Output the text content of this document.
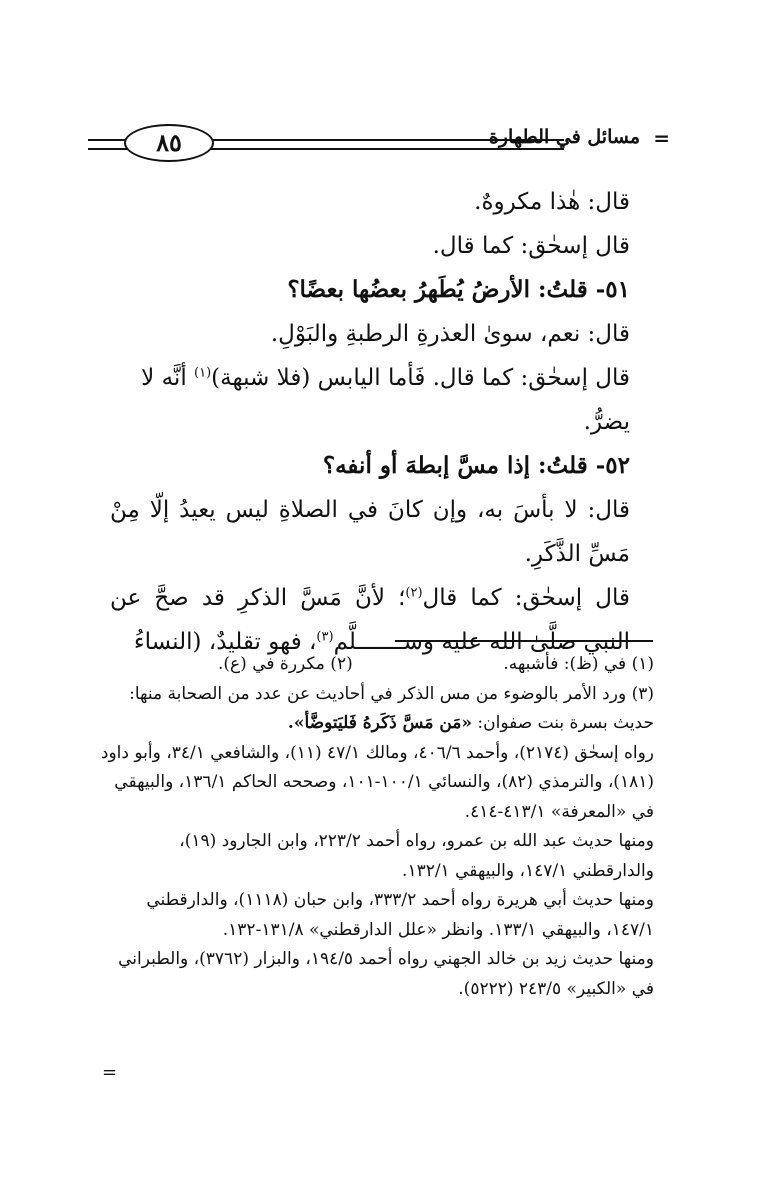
٨٥	مسائل في الطهارة =

قال: هٰذا مكروهٌ.

قال إسحٰق: كما قال.

٥١- قلتُ: الأرضُ يُطَهرُ بعضُها بعضًا؟

قال: نعم، سوىٰ العذرةِ الرطبةِ والبَوْلِ.

قال إسحٰق: كما قال. فَأما اليابس (فلا شبهة)$^{(١)}$ أنَّه لا يضرُّ.

٥٢- قلتُ: إذا مسَّ إبطهَ أو أنفه؟

قال: لا بأسَ به، وإن كانَ في الصلاةِ ليس يعيدُ إلّا مِنْ مَسِّ الذَّكَرِ.

قال إسحٰق: كما قال$^{(٢)}$؛ لأنَّ مَسَّ الذكرِ قد صحَّ عن النبي صلَّىٰ الله عليه وســـــــلَّم$^{(٣)}$، فهو تقليدٌ، (النساءُ

(١) في (ظ): فأشبهه.
(٢) مكررة في (ع).

(٣) ورد الأمر بالوضوء من مس الذكر في أحاديث عن عدد من الصحابة منها:

حديث بسرة بنت صفوان: «مَن مَسَّ ذَكَرهُ فَليَتوضَّأ».

رواه إسحٰق (٢١٧٤)، وأحمد ٤٠٦/٦، ومالك ٤٧/١ (١١)، والشافعي ٣٤/١، وأبو داود (١٨١)، والترمذي (٨٢)، والنسائي ١٠٠/١-١٠١، وصححه الحاكم ١٣٦/١، والبيهقي في «المعرفة» ٤١٣/١-٤١٤.

ومنها حديث عبد الله بن عمرو، رواه أحمد ٢٢٣/٢، وابن الجارود (١٩)، والدارقطني ١٤٧/١، والبيهقي ١٣٢/١.

ومنها حديث أبي هريرة رواه أحمد ٣٣٣/٢، وابن حبان (١١١٨)، والدارقطني ١٤٧/١، والبيهقي ١٣٣/١. وانظر «علل الدارقطني» ١٣١/٨-١٣٢.

ومنها حديث زيد بن خالد الجهني رواه أحمد ١٩٤/٥، والبزار (٣٧٦٢)، والطبراني في «الكبير» ٢٤٣/٥ (٥٢٢٢).

=
